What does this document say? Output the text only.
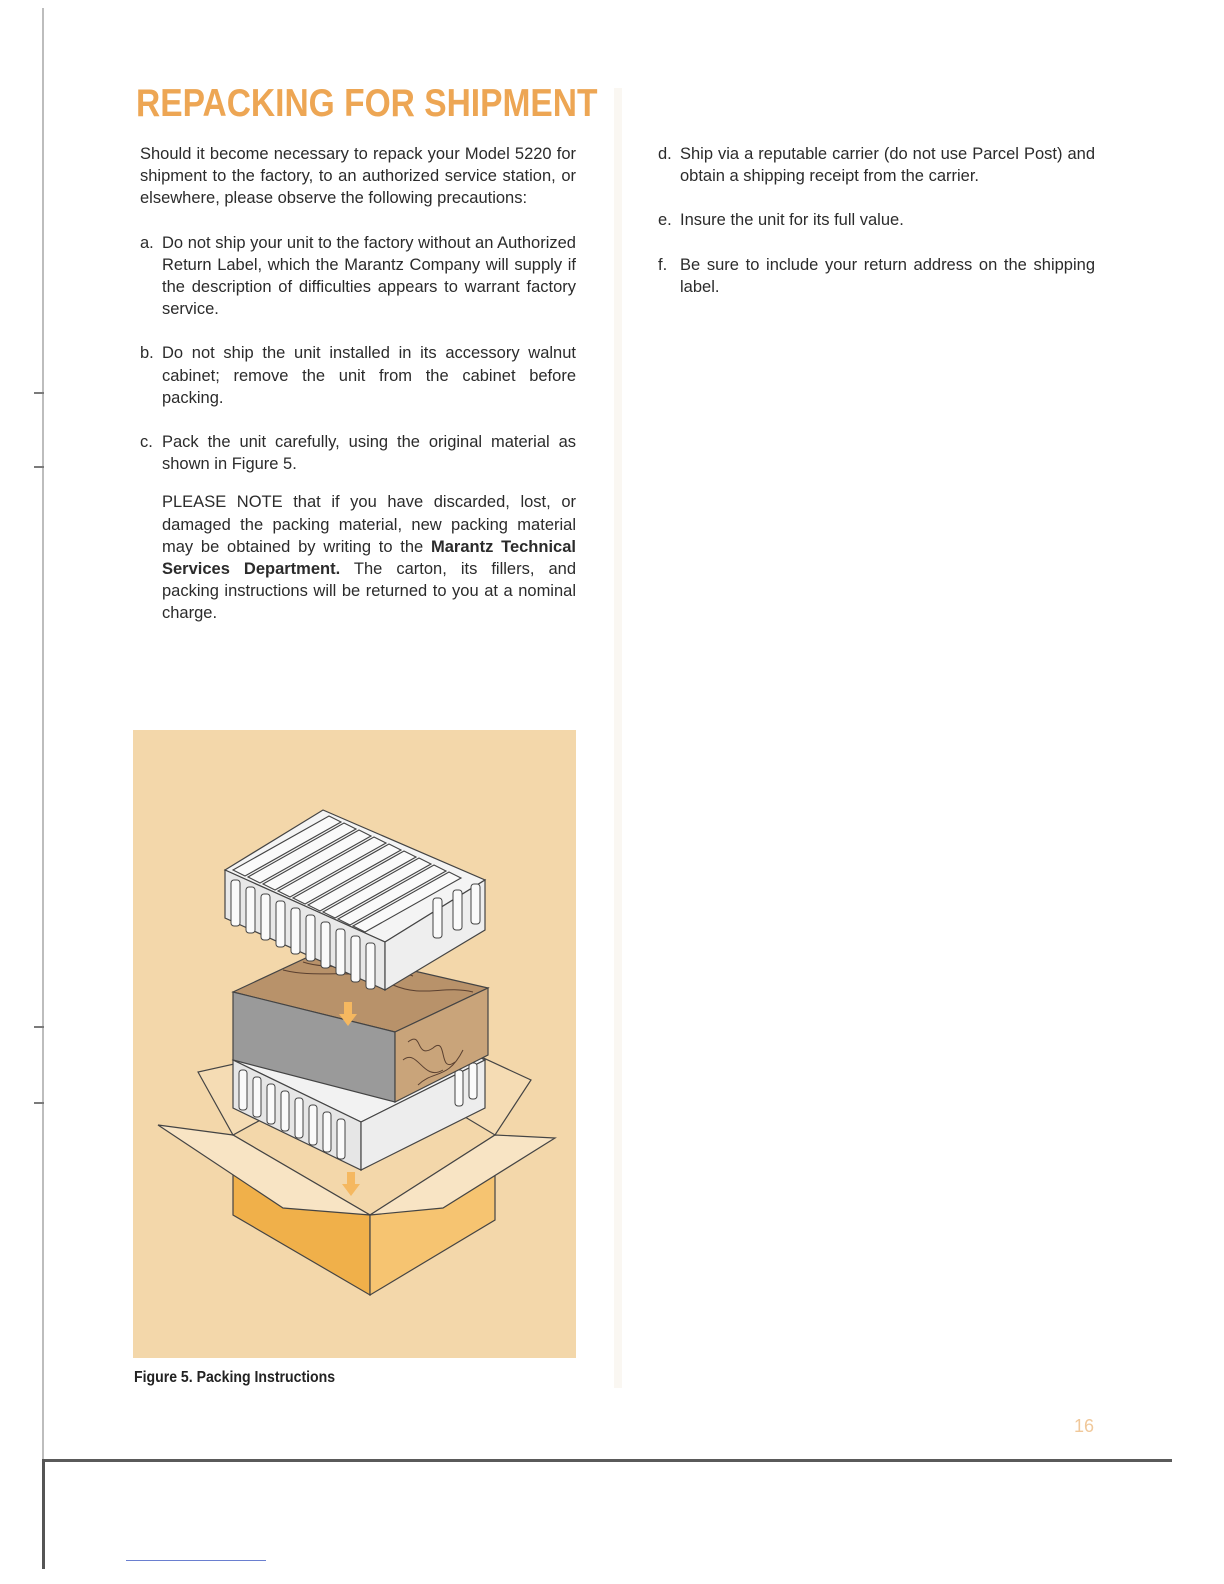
REPACKING FOR SHIPMENT

Should it become necessary to repack your Model 5220 for shipment to the factory, to an authorized service station, or elsewhere, please observe the following precautions:

a. Do not ship your unit to the factory without an Authorized Return Label, which the Marantz Company will supply if the description of difficulties appears to warrant factory service.
b. Do not ship the unit installed in its accessory walnut cabinet; remove the unit from the cabinet before packing.
c. Pack the unit carefully, using the original material as shown in Figure 5.

PLEASE NOTE that if you have discarded, lost, or damaged the packing material, new packing material may be obtained by writing to the Marantz Technical Services Department. The carton, its fillers, and packing instructions will be returned to you at a nominal charge.

d. Ship via a reputable carrier (do not use Parcel Post) and obtain a shipping receipt from the carrier.
e. Insure the unit for its full value.
f. Be sure to include your return address on the shipping label.

Figure 5. Packing Instructions

16
